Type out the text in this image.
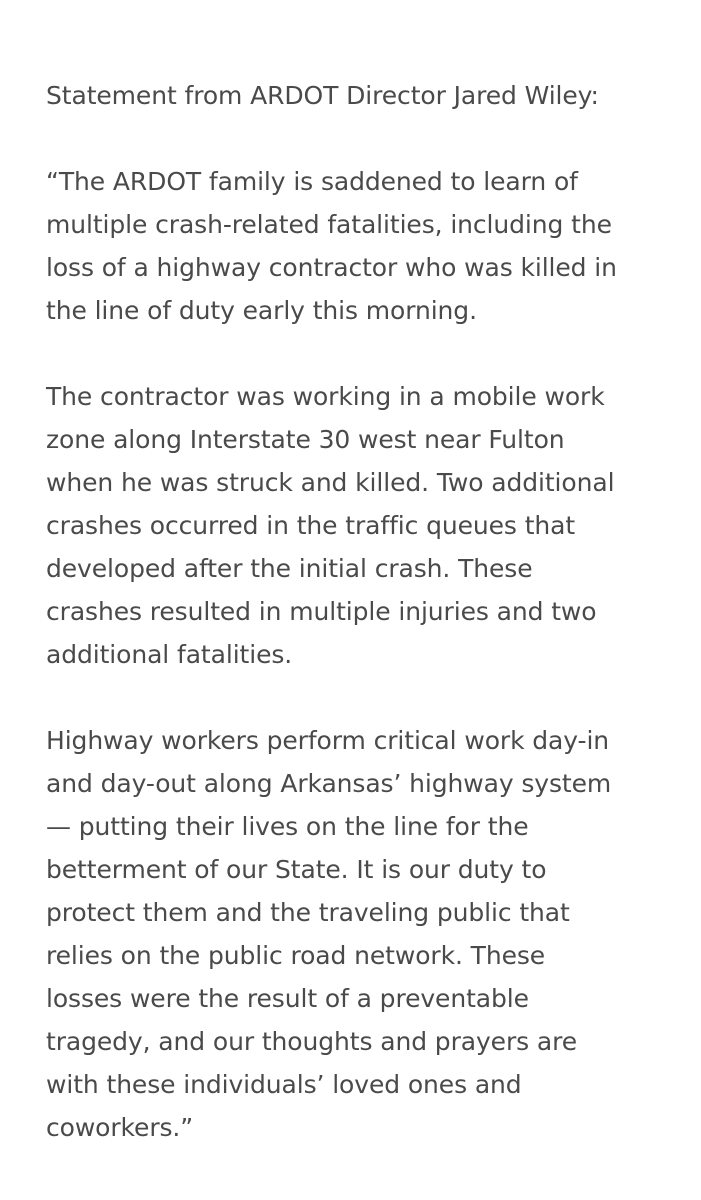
Statement from ARDOT Director Jared Wiley:

“The ARDOT family is saddened to learn of
multiple crash-related fatalities, including the
loss of a highway contractor who was killed in
the line of duty early this morning.

The contractor was working in a mobile work
zone along Interstate 30 west near Fulton
when he was struck and killed. Two additional
crashes occurred in the traffic queues that
developed after the initial crash. These
crashes resulted in multiple injuries and two
additional fatalities.

Highway workers perform critical work day-in
and day-out along Arkansas’ highway system
— putting their lives on the line for the
betterment of our State. It is our duty to
protect them and the traveling public that
relies on the public road network. These
losses were the result of a preventable
tragedy, and our thoughts and prayers are
with these individuals’ loved ones and
coworkers.”
